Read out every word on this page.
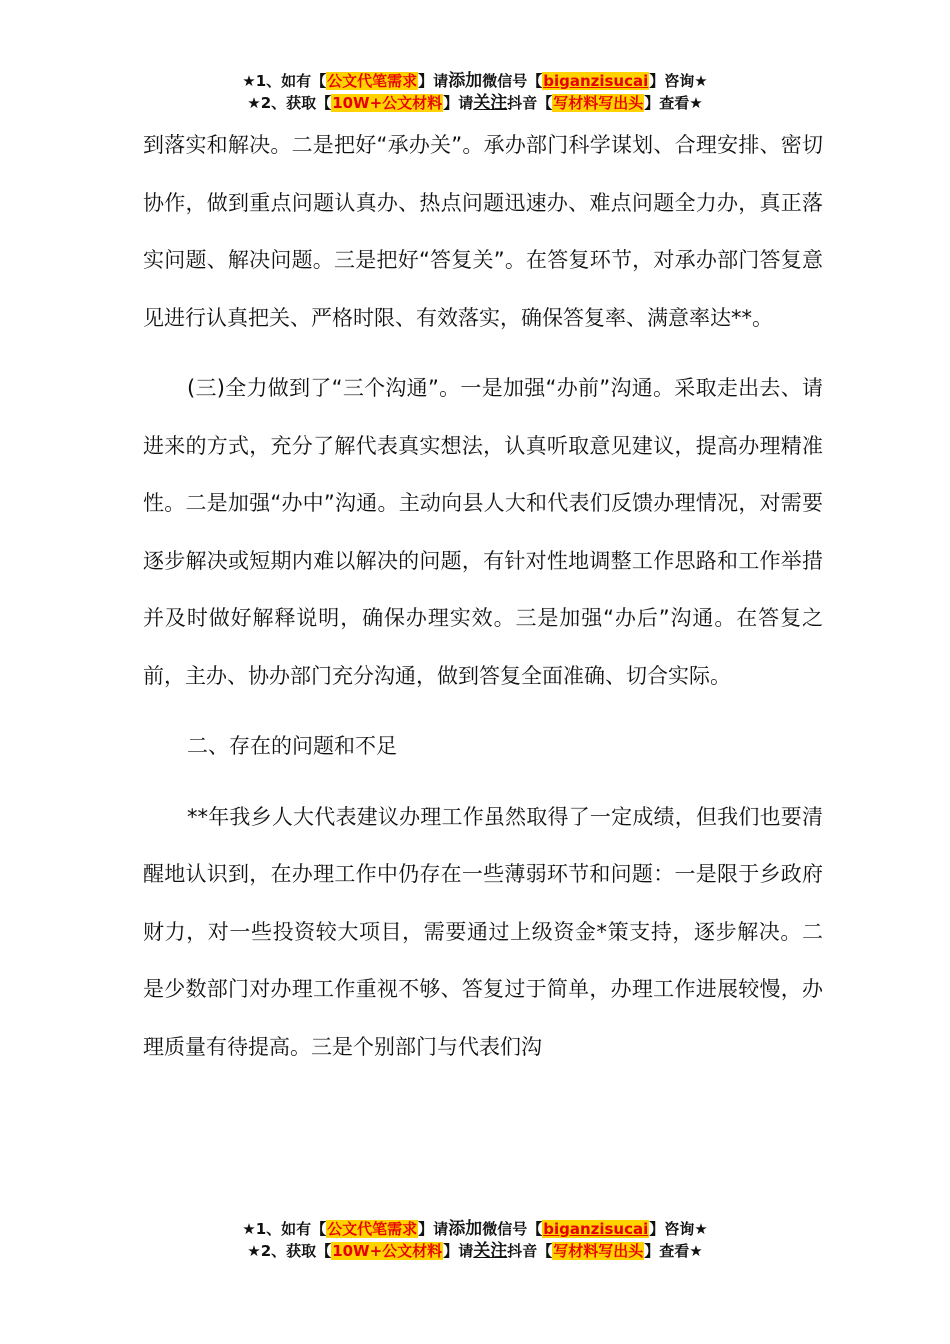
★1、如有【公文代笔需求】请添加微信号【biganzisucai】咨询★
★2、获取【10W+公文材料】请关注抖音【写材料写出头】查看★

到落实和解决。二是把好“承办关”。承办部门科学谋划、合理安排、密切协作，做到重点问题认真办、热点问题迅速办、难点问题全力办，真正落实问题、解决问题。三是把好“答复关”。在答复环节，对承办部门答复意见进行认真把关、严格时限、有效落实，确保答复率、满意率达**。

(三)全力做到了“三个沟通”。一是加强“办前”沟通。采取走出去、请进来的方式，充分了解代表真实想法，认真听取意见建议，提高办理精准性。二是加强“办中”沟通。主动向县人大和代表们反馈办理情况，对需要逐步解决或短期内难以解决的问题，有针对性地调整工作思路和工作举措并及时做好解释说明，确保办理实效。三是加强“办后”沟通。在答复之前，主办、协办部门充分沟通，做到答复全面准确、切合实际。

二、存在的问题和不足

**年我乡人大代表建议办理工作虽然取得了一定成绩，但我们也要清醒地认识到，在办理工作中仍存在一些薄弱环节和问题：一是限于乡政府财力，对一些投资较大项目，需要通过上级资金*策支持，逐步解决。二是少数部门对办理工作重视不够、答复过于简单，办理工作进展较慢，办理质量有待提高。三是个别部门与代表们沟

★1、如有【公文代笔需求】请添加微信号【biganzisucai】咨询★
★2、获取【10W+公文材料】请关注抖音【写材料写出头】查看★
